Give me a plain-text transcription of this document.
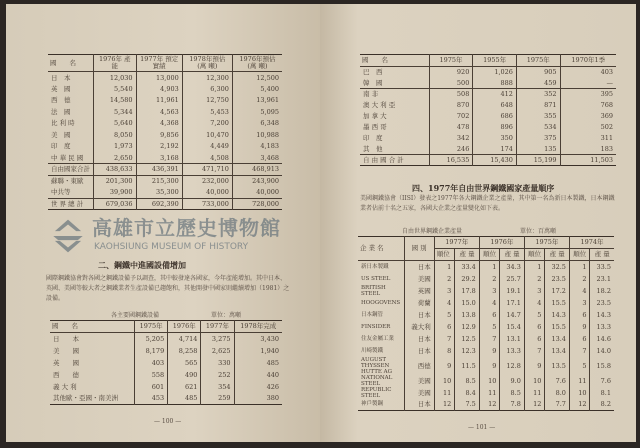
國　　名	1976年 產　能	1977年 預定實績	1978年預估 (萬 噸)	1976年預估 (萬 噸)
日　本	12,030	13,000	12,300	12,500
英　國	5,540	4,903	6,300	5,400
西　德	14,580	11,961	12,750	13,961
法　國	5,344	4,563	5,453	5,095
比 利 時	5,640	4,368	7,200	6,348
美　國	8,050	9,856	10,470	10,988
印　度	1,973	2,192	4,449	4,183
中 華 民 國	2,650	3,168	4,508	3,468
自由國家合計	438,633	436,391	471,710	468,913
蘇聯・東歐	201,300	215,300	232,000	243,900
中共等	39,900	35,300	40,000	40,000
世 界 總 計	679,036	692,390	733,000	728,000
高雄市立歷史博物館
KAOHSIUNG MUSEUM OF HISTORY
二、鋼鐵中進國設備增加
國際鋼鐵協會對各國之鋼鐵設備予以調查，其中較發達各國家，今年產能增加。其中日本、英國、美國等較大者之鋼鐵業者生產設備已趨飽和，其他開發中國家則繼續增加（1981）之設備。
各主要國鋼鐵設備	單位：萬噸
國　　名	1975年	1976年	1977年	1978年完成
日　　本	5,205	4,714	3,275	3,430
美　　國	8,179	8,258	2,625	1,940
英　　國	403	565	330	485
西　　德	558	490	252	440
義 大 利	601	621	354	426
其他歐・亞國・南美洲	453	485	259	380
— 100 —
國　　名	1975年	1955年	1975年	1970年1季
巴　西	920	1,026	905	403
韓　國	500	888	459	—
南 非	508	412	352	395
澳 大 利 亞	870	648	871	768
加 拿 大	702	686	355	369
墨 西 哥	478	896	534	502
印　度	342	350	375	311
其　他	246	174	135	183
自 由 國 合 計	16,535	15,430	15,199	11,503
四、1977年自由世界鋼鐵國家產量順序
美國鋼鐵協會（IISI）發表之1977年各大鋼鐵企業之產量，其中第一名為新日本製鐵，日本鋼鐵業者佔前十名之五家，各國大企業之產量變化如下表。
自由世界鋼鐵企業產量	單位：百萬噸
企 業 名	國 別	1977年		1976年		1975年		1974年	
		順位	產 量	順位	產 量	順位	產 量	順位	產 量
新日本製鐵	日本	1	33.4	1	34.3	1	32.5	1	33.5
US STEEL	美國	2	29.2	2	25.7	2	23.5	2	23.1
BRITISH STEEL	英國	3	17.8	3	19.1	3	17.2	4	18.2
HOOGOVENS	荷蘭	4	15.0	4	17.1	4	15.5	3	23.5
日本鋼管	日本	5	13.8	6	14.7	5	14.3	6	14.3
FINSIDER	義大利	6	12.9	5	15.4	6	15.5	9	13.3
住友金屬工業	日本	7	12.5	7	13.1	6	13.4	6	14.6
川崎製鐵	日本	8	12.3	9	13.3	7	13.4	7	14.0
AUGUST THYSSEN HUTTE AG	西德	9	11.5	9	12.8	9	13.5	5	15.8
NATIONAL STEEL	美國	10	8.5	10	9.0	10	7.6	11	7.6
REPUBLIC STEEL	美國	11	8.4	11	8.5	11	8.0	10	8.1
神戶製鋼	日本	12	7.5	12	7.8	12	7.7	12	8.2
— 101 —
